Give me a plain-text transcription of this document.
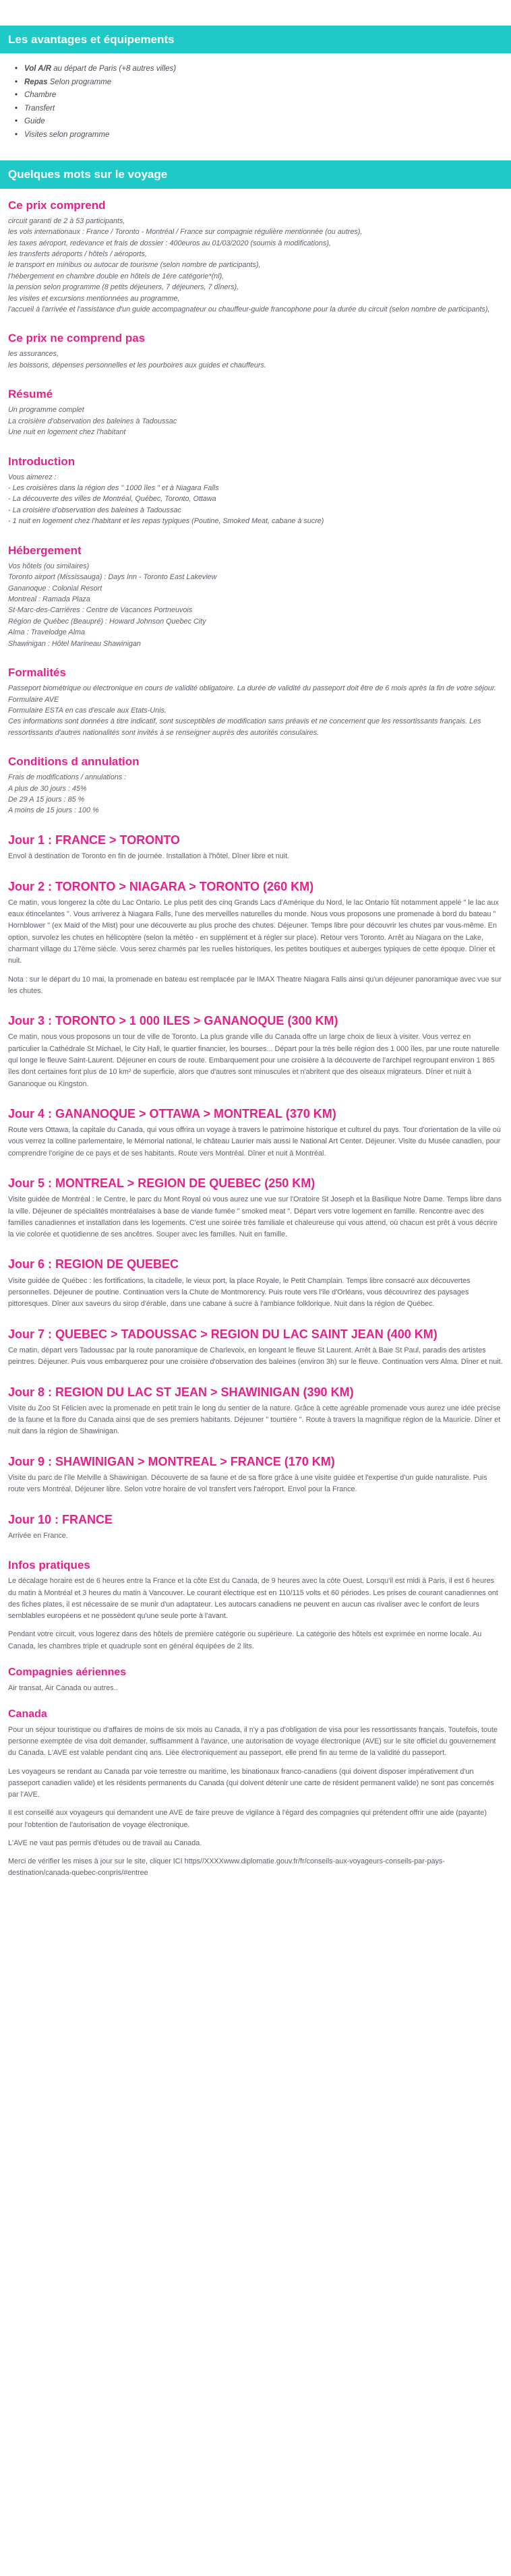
Les avantages et équipements
• Vol A/R au départ de Paris (+8 autres villes)
• Repas Selon programme
• Chambre
• Transfert
• Guide
• Visites selon programme
Quelques mots sur le voyage
Ce prix comprend

circuit garanti de 2 à 53 participants,

les vols internationaux : France / Toronto - Montréal / France sur compagnie régulière mentionnée (ou autres),

les taxes aéroport, redevance et frais de dossier : 400euros au 01/03/2020 (soumis à modifications),

les transferts aéroports / hôtels / aéroports,

le transport en minibus ou autocar de tourisme (selon nombre de participants),

l'hébergement en chambre double en hôtels de 1ère catégorie*(nl),

la pension selon programme (8 petits déjeuners, 7 déjeuners, 7 dîners),

les visites et excursions mentionnées au programme,

l'accueil à l'arrivée et l'assistance d'un guide accompagnateur ou chauffeur-guide francophone pour la durée du circuit (selon nombre de participants),

Ce prix ne comprend pas

les assurances,

les boissons, dépenses personnelles et les pourboires aux guides et chauffeurs.

Résumé

Un programme complet

La croisière d'observation des baleines à Tadoussac

Une nuit en logement chez l'habitant

Introduction

Vous aimerez :

- Les croisières dans la région des " 1000 îles " et à Niagara Falls

- La découverte des villes de Montréal, Québec, Toronto, Ottawa

- La croisière d'observation des baleines à Tadoussac

- 1 nuit en logement chez l'habitant et les repas typiques (Poutine, Smoked Meat, cabane à sucre)

Hébergement

Vos hôtels (ou similaires)

Toronto airport (Mississauga) : Days Inn - Toronto East Lakeview

Gananoque : Colonial Resort

Montreal : Ramada Plaza

St-Marc-des-Carrières : Centre de Vacances Portneuvois

Région de Québec (Beaupré) : Howard Johnson Quebec City

Alma : Travelodge Alma

Shawinigan : Hôtel Marineau Shawinigan

Formalités

Passeport biométrique ou électronique en cours de validité obligatoire. La durée de validité du passeport doit être de 6 mois après la fin de votre séjour.

Formulaire AVE

Formulaire ESTA en cas d'escale aux Etats-Unis.

Ces informations sont données à titre indicatif, sont susceptibles de modification sans préavis et ne concernent que les ressortissants français. Les ressortissants d'autres nationalités sont invités à se renseigner auprès des autorités consulaires.

Conditions d annulation

Frais de modifications / annulations :

A plus de 30 jours : 45%

De 29 A 15 jours : 85 %

A moins de 15 jours : 100 %

Jour 1 : FRANCE > TORONTO

Envol à destination de Toronto en fin de journée. Installation à l'hôtel. Dîner libre et nuit.

Jour 2 : TORONTO > NIAGARA > TORONTO (260 KM)

Ce matin, vous longerez la côte du Lac Ontario. Le plus petit des cinq Grands Lacs d'Amérique du Nord, le lac Ontario fût notamment appelé " le lac aux eaux étincelantes ". Vous arriverez à Niagara Falls, l'une des merveilles naturelles du monde. Nous vous proposons une promenade à bord du bateau " Hornblower " (ex Maid of the Mist) pour une découverte au plus proche des chutes. Déjeuner. Temps libre pour découvrir les chutes par vous-même. En option, survolez les chutes en hélicoptère (selon la météo - en supplément et à régler sur place). Retour vers Toronto. Arrêt au Niagara on the Lake, charmant village du 17ème siècle. Vous serez charmés par les ruelles historiques, les petites boutiques et auberges typiques de cette époque. Dîner et nuit.

Nota : sur le départ du 10 mai, la promenade en bateau est remplacée par le IMAX Theatre Niagara Falls ainsi qu'un déjeuner panoramique avec vue sur les chutes.

Jour 3 : TORONTO > 1 000 ILES > GANANOQUE (300 KM)

Ce matin, nous vous proposons un tour de ville de Toronto. La plus grande ville du Canada offre un large choix de lieux à visiter. Vous verrez en particulier la Cathédrale St Michael, le City Hall, le quartier financier, les bourses... Départ pour la très belle région des 1 000 îles, par une route naturelle qui longe le fleuve Saint-Laurent. Déjeuner en cours de route. Embarquement pour une croisière à la découverte de l'archipel regroupant environ 1 865 îles dont certaines font plus de 10 km² de superficie, alors que d'autres sont minuscules et n'abritent que des oiseaux migrateurs. Dîner et nuit à Gananoque ou Kingston.

Jour 4 : GANANOQUE > OTTAWA > MONTREAL (370 KM)

Route vers Ottawa, la capitale du Canada, qui vous offrira un voyage à travers le patrimoine historique et culturel du pays. Tour d'orientation de la ville où vous verrez la colline parlementaire, le Mémorial national, le château Laurier mais aussi le National Art Center. Déjeuner. Visite du Musée canadien, pour comprendre l'origine de ce pays et de ses habitants. Route vers Montréal. Dîner et nuit à Montréal.

Jour 5 : MONTREAL > REGION DE QUEBEC (250 KM)

Visite guidée de Montréal : le Centre, le parc du Mont Royal où vous aurez une vue sur l'Oratoire St Joseph et la Basilique Notre Dame. Temps libre dans la ville. Déjeuner de spécialités montréalaises à base de viande fumée " smoked meat ". Départ vers votre logement en famille. Rencontre avec des familles canadiennes et installation dans les logements. C'est une soirée très familiale et chaleureuse qui vous attend, où chacun est prêt à vous décrire la vie colorée et quotidienne de ses ancêtres. Souper avec les familles. Nuit en famille.

Jour 6 : REGION DE QUEBEC

Visite guidée de Québec : les fortifications, la citadelle, le vieux port, la place Royale, le Petit Champlain. Temps libre consacré aux découvertes personnelles. Déjeuner de poutine. Continuation vers la Chute de Montmorency. Puis route vers l'île d'Orléans, vous découvrirez des paysages pittoresques. Dîner aux saveurs du sirop d'érable, dans une cabane à sucre à l'ambiance folklorique. Nuit dans la région de Québec.

Jour 7 : QUEBEC > TADOUSSAC > REGION DU LAC SAINT JEAN (400 KM)

Ce matin, départ vers Tadoussac par la route panoramique de Charlevoix, en longeant le fleuve St Laurent. Arrêt à Baie St Paul, paradis des artistes peintres. Déjeuner. Puis vous embarquerez pour une croisière d'observation des baleines (environ 3h) sur le fleuve. Continuation vers Alma. Dîner et nuit.

Jour 8 : REGION DU LAC ST JEAN > SHAWINIGAN (390 KM)

Visite du Zoo St Félicien avec la promenade en petit train le long du sentier de la nature. Grâce à cette agréable promenade vous aurez une idée précise de la faune et la flore du Canada ainsi que de ses premiers habitants. Déjeuner " tourtière ". Route à travers la magnifique région de la Mauricie. Dîner et nuit dans la région de Shawinigan.

Jour 9 : SHAWINIGAN > MONTREAL > FRANCE (170 KM)

Visite du parc de l'île Melville à Shawinigan. Découverte de sa faune et de sa flore grâce à une visite guidée et l'expertise d'un guide naturaliste. Puis route vers Montréal. Déjeuner libre. Selon votre horaire de vol transfert vers l'aéroport. Envol pour la France.

Jour 10 : FRANCE

Arrivée en France.

Infos pratiques

Le décalage horaire est de 6 heures entre la France et la côte Est du Canada, de 9 heures avec la côte Ouest. Lorsqu'il est midi à Paris, il est 6 heures du matin à Montréal et 3 heures du matin à Vancouver. Le courant électrique est en 110/115 volts et 60 périodes. Les prises de courant canadiennes ont des fiches plates, il est nécessaire de se munir d'un adaptateur. Les autocars canadiens ne peuvent en aucun cas rivaliser avec le confort de leurs semblables européens et ne possèdent qu'une seule porte à l'avant.

Pendant votre circuit, vous logerez dans des hôtels de première catégorie ou supérieure. La catégorie des hôtels est exprimée en norme locale. Au Canada, les chambres triple et quadruple sont en général équipées de 2 lits.

Compagnies aériennes

Air transat, Air Canada ou autres..

Canada

Pour un séjour touristique ou d'affaires de moins de six mois au Canada, il n'y a pas d'obligation de visa pour les ressortissants français. Toutefois, toute personne exemptée de visa doit demander, suffisamment à l'avance, une autorisation de voyage électronique (AVE) sur le site officiel du gouvernement du Canada. L'AVE est valable pendant cinq ans. Liée électroniquement au passeport, elle prend fin au terme de la validité du passeport.

Les voyageurs se rendant au Canada par voie terrestre ou maritime, les binationaux franco-canadiens (qui doivent disposer impérativement d'un passeport canadien valide) et les résidents permanents du Canada (qui doivent détenir une carte de résident permanent valide) ne sont pas concernés par l'AVE.

Il est conseillé aux voyageurs qui demandent une AVE de faire preuve de vigilance à l'égard des compagnies qui prétendent offrir une aide (payante) pour l'obtention de l'autorisation de voyage électronique.

L'AVE ne vaut pas permis d'études ou de travail au Canada.

Merci de vérifier les mises à jour sur le site, cliquer ICI https//XXXXwww.diplomatie.gouv.fr/fr/conseils-aux-voyageurs-conseils-par-pays-destination/canada-quebec-conpris/#entree
